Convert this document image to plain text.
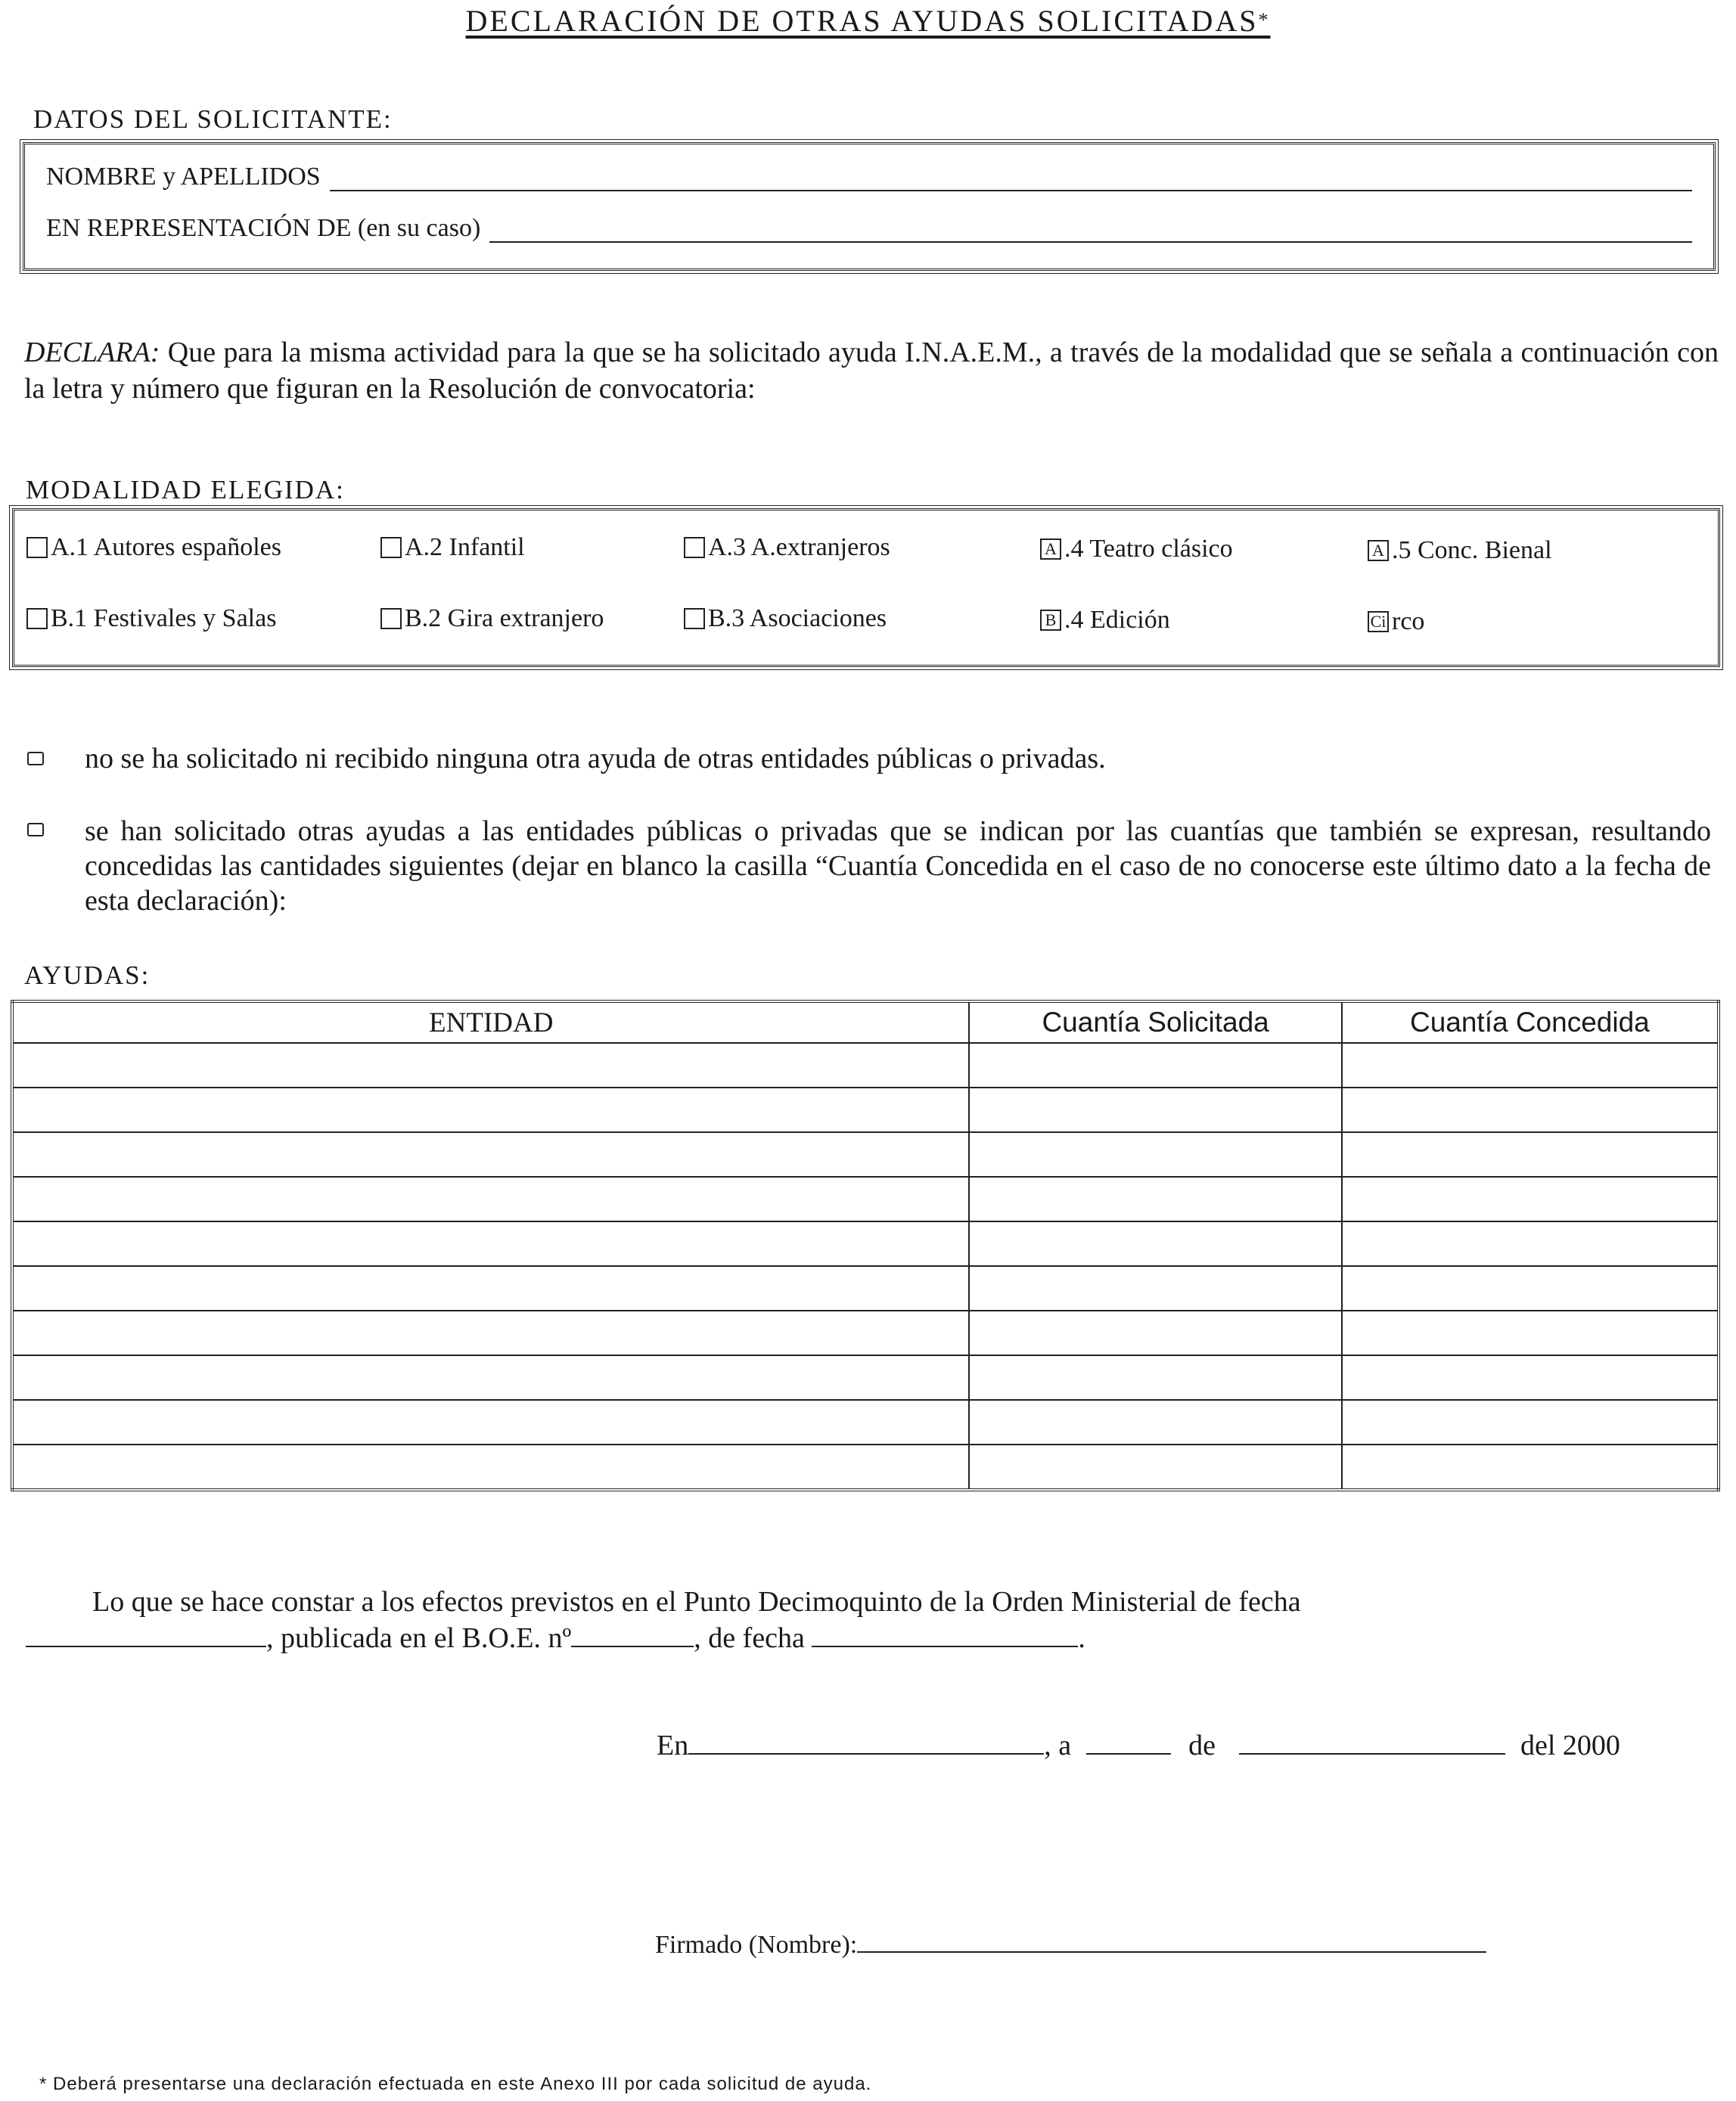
DECLARACIÓN DE OTRAS AYUDAS SOLICITADAS*
DATOS DEL SOLICITANTE:
NOMBRE y APELLIDOS
EN REPRESENTACIÓN DE (en su caso)
DECLARA: Que para la misma actividad para la que se ha solicitado ayuda I.N.A.E.M., a través de la modalidad que se señala a continuación con la letra y número que figuran en la Resolución de convocatoria:
MODALIDAD ELEGIDA:
A.1 Autores españoles	A.2 Infantil	A.3 A.extranjeros	A .4 Teatro clásico	A .5 Conc. Bienal
B.1 Festivales y Salas	B.2 Gira extranjero	B.3 Asociaciones	B .4 Edición	Ci rco
no se ha solicitado ni recibido ninguna otra ayuda de otras entidades públicas o privadas.
se han solicitado otras ayudas a las entidades públicas o privadas que se indican por las cuantías que también se expresan, resultando concedidas las cantidades siguientes (dejar en blanco la casilla “Cuantía Concedida en el caso de no conocerse este último dato a la fecha de esta declaración):
AYUDAS:
ENTIDAD	Cuantía Solicitada	Cuantía Concedida

Lo que se hace constar a los efectos previstos en el Punto Decimoquinto de la Orden Ministerial de fecha
, publicada en el B.O.E. nº	, de fecha	.
En	, a	de	del 2000
Firmado (Nombre):
* Deberá presentarse una declaración efectuada en este Anexo III por cada solicitud de ayuda.
